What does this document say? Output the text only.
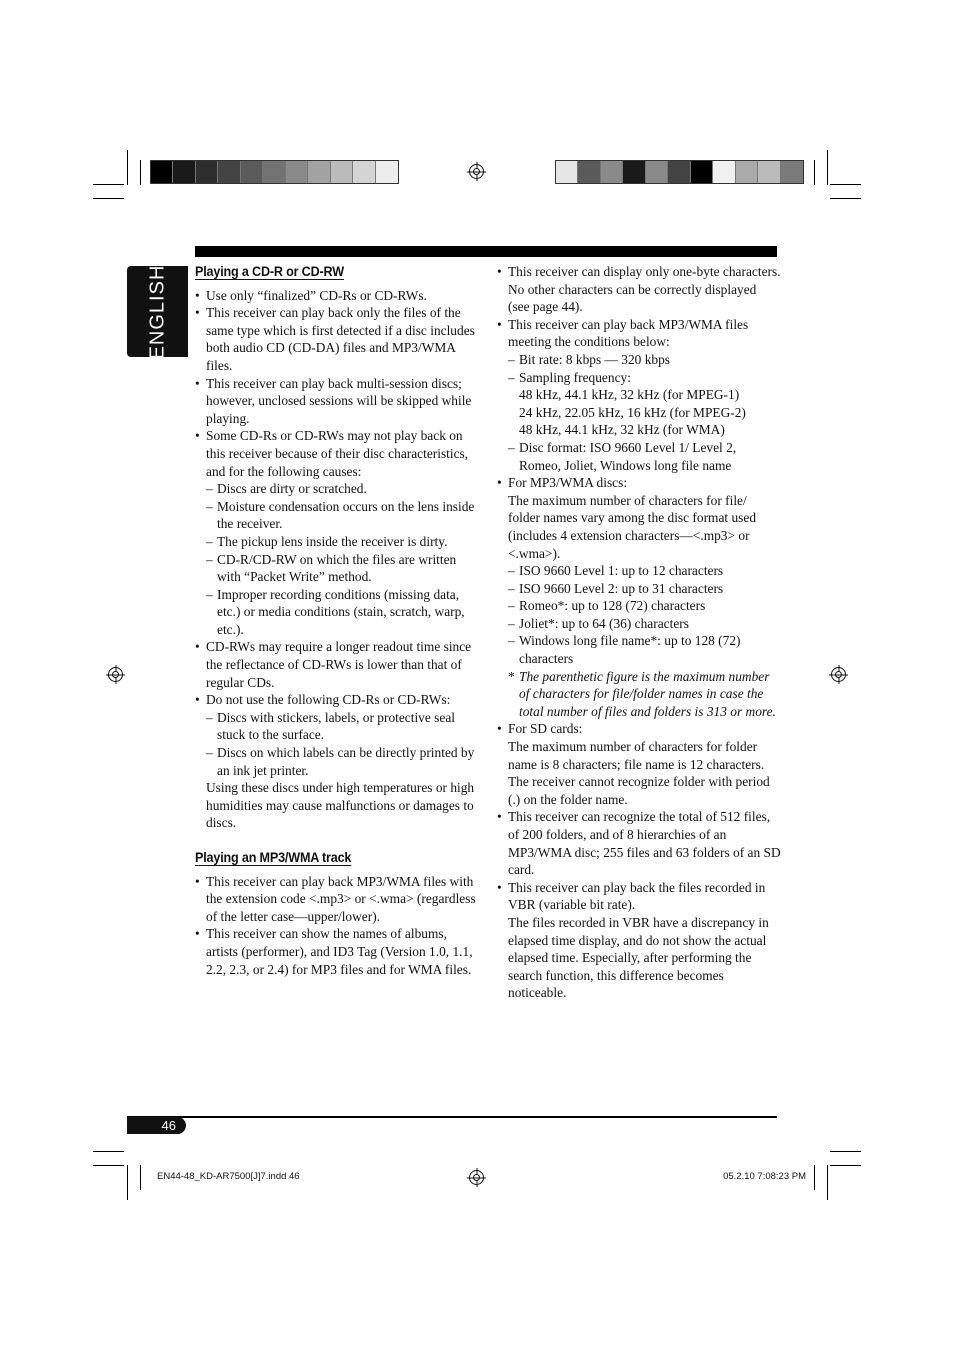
ENGLISH Playing a CD-R or CD-RW
• Use only “finalized” CD-Rs or CD-RWs.
• This receiver can play back only the files of the same type which is first detected if a disc includes both audio CD (CD-DA) files and MP3/WMA files.
• This receiver can play back multi-session discs; however, unclosed sessions will be skipped while playing.
• Some CD-Rs or CD-RWs may not play back on this receiver because of their disc characteristics, and for the following causes:
– Discs are dirty or scratched.
– Moisture condensation occurs on the lens inside the receiver.
– The pickup lens inside the receiver is dirty.
– CD-R/CD-RW on which the files are written with “Packet Write” method.
– Improper recording conditions (missing data, etc.) or media conditions (stain, scratch, warp, etc.).
• CD-RWs may require a longer readout time since the reflectance of CD-RWs is lower than that of regular CDs.
• Do not use the following CD-Rs or CD-RWs:
– Discs with stickers, labels, or protective seal stuck to the surface.
– Discs on which labels can be directly printed by an ink jet printer.
Using these discs under high temperatures or high humidities may cause malfunctions or damages to discs.
Playing an MP3/WMA track
• This receiver can play back MP3/WMA files with the extension code <.mp3> or <.wma> (regardless of the letter case—upper/lower).
• This receiver can show the names of albums, artists (performer), and ID3 Tag (Version 1.0, 1.1, 2.2, 2.3, or 2.4) for MP3 files and for WMA files.
• This receiver can display only one-byte characters. No other characters can be correctly displayed (see page 44).
• This receiver can play back MP3/WMA files meeting the conditions below:
– Bit rate: 8 kbps — 320 kbps
– Sampling frequency:
48 kHz, 44.1 kHz, 32 kHz (for MPEG-1)
24 kHz, 22.05 kHz, 16 kHz (for MPEG-2)
48 kHz, 44.1 kHz, 32 kHz (for WMA)
– Disc format: ISO 9660 Level 1/ Level 2, Romeo, Joliet, Windows long file name
• For MP3/WMA discs:
The maximum number of characters for file/ folder names vary among the disc format used (includes 4 extension characters—<.mp3> or <.wma>).
– ISO 9660 Level 1: up to 12 characters
– ISO 9660 Level 2: up to 31 characters
– Romeo*: up to 128 (72) characters
– Joliet*: up to 64 (36) characters
– Windows long file name*: up to 128 (72) characters
* The parenthetic figure is the maximum number of characters for file/folder names in case the total number of files and folders is 313 or more.
• For SD cards:
The maximum number of characters for folder name is 8 characters; file name is 12 characters.
The receiver cannot recognize folder with period (.) on the folder name.
• This receiver can recognize the total of 512 files, of 200 folders, and of 8 hierarchies of an MP3/WMA disc; 255 files and 63 folders of an SD card.
• This receiver can play back the files recorded in VBR (variable bit rate).
The files recorded in VBR have a discrepancy in elapsed time display, and do not show the actual elapsed time. Especially, after performing the search function, this difference becomes noticeable.
46
EN44-48_KD-AR7500[J]7.indd 46	05.2.10 7:08:23 PM
